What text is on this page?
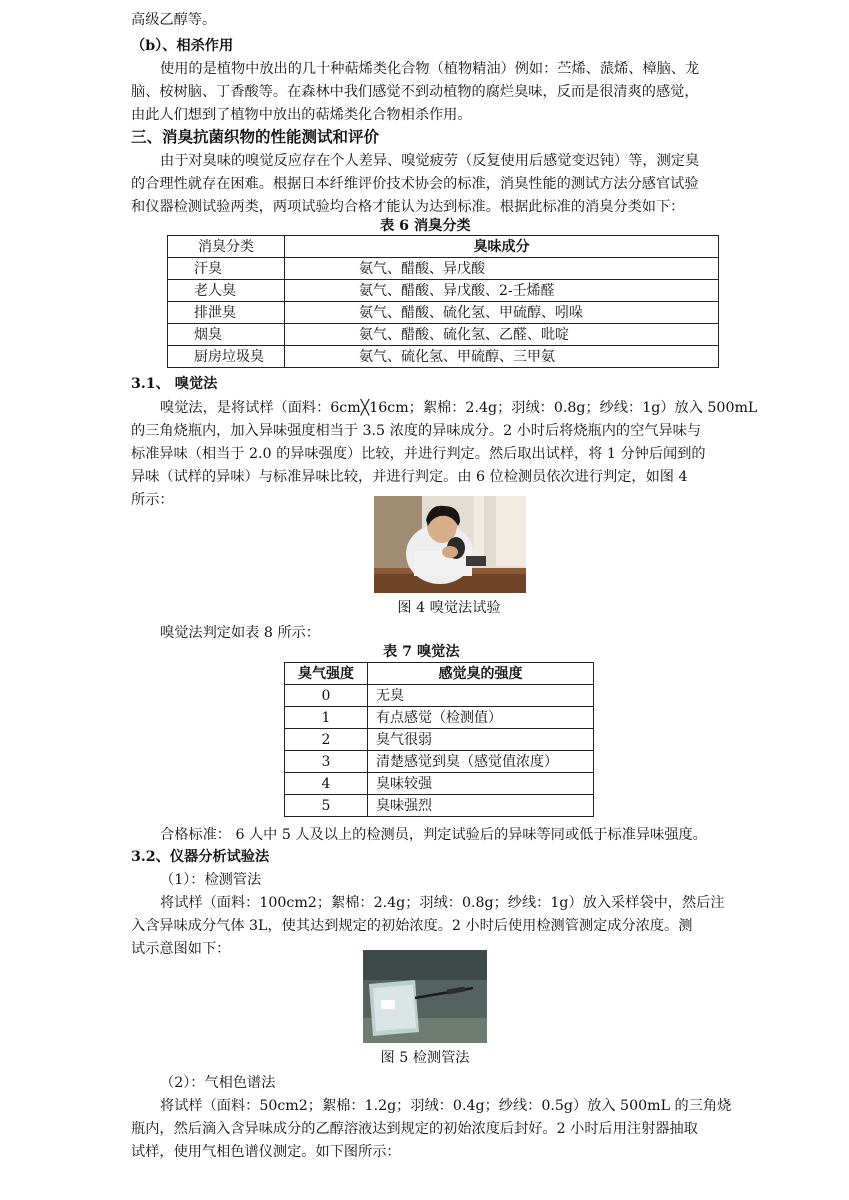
高级乙醇等。
（b）、相杀作用
使用的是植物中放出的几十种萜烯类化合物（植物精油）例如：苎烯、蒎烯、樟脑、龙
脑、桉树脑、丁香酸等。在森林中我们感觉不到动植物的腐烂臭味，反而是很清爽的感觉，
由此人们想到了植物中放出的萜烯类化合物相杀作用。
三、消臭抗菌织物的性能测试和评价
由于对臭味的嗅觉反应存在个人差异、嗅觉疲劳（反复使用后感觉变迟钝）等，测定臭
的合理性就存在困难。根据日本纤维评价技术协会的标准，消臭性能的测试方法分感官试验
和仪器检测试验两类，两项试验均合格才能认为达到标准。根据此标准的消臭分类如下：
表 6 消臭分类
消臭分类	臭味成分
汗臭	氨气、醋酸、异戊酸
老人臭	氨气、醋酸、异戊酸、2-壬烯醛
排泄臭	氨气、醋酸、硫化氢、甲硫醇、吲哚
烟臭	氨气、醋酸、硫化氢、乙醛、吡啶
厨房垃圾臭	氨气、硫化氢、甲硫醇、三甲氨
3.1、 嗅觉法
嗅觉法，是将试样（面料：6cm╳16cm；絮棉：2.4g；羽绒：0.8g；纱线：1g）放入 500mL
的三角烧瓶内，加入异味强度相当于 3.5 浓度的异味成分。2 小时后将烧瓶内的空气异味与
标准异味（相当于 2.0 的异味强度）比较，并进行判定。然后取出试样，将 1 分钟后闻到的
异味（试样的异味）与标准异味比较，并进行判定。由 6 位检测员依次进行判定，如图 4
所示：
图 4 嗅觉法试验
嗅觉法判定如表 8 所示：
表 7 嗅觉法
臭气强度	感觉臭的强度
0	无臭
1	有点感觉（检测值）
2	臭气很弱
3	清楚感觉到臭（感觉值浓度）
4	臭味较强
5	臭味强烈
合格标准： 6 人中 5 人及以上的检测员，判定试验后的异味等同或低于标准异味强度。
3.2、仪器分析试验法
（1）：检测管法
将试样（面料：100cm2；絮棉：2.4g；羽绒：0.8g；纱线：1g）放入采样袋中，然后注
入含异味成分气体 3L，使其达到规定的初始浓度。2 小时后使用检测管测定成分浓度。测
试示意图如下：
图 5 检测管法
（2）：气相色谱法
将试样（面料：50cm2；絮棉：1.2g；羽绒：0.4g；纱线：0.5g）放入 500mL 的三角烧
瓶内，然后滴入含异味成分的乙醇溶液达到规定的初始浓度后封好。2 小时后用注射器抽取
试样，使用气相色谱仪测定。如下图所示：
